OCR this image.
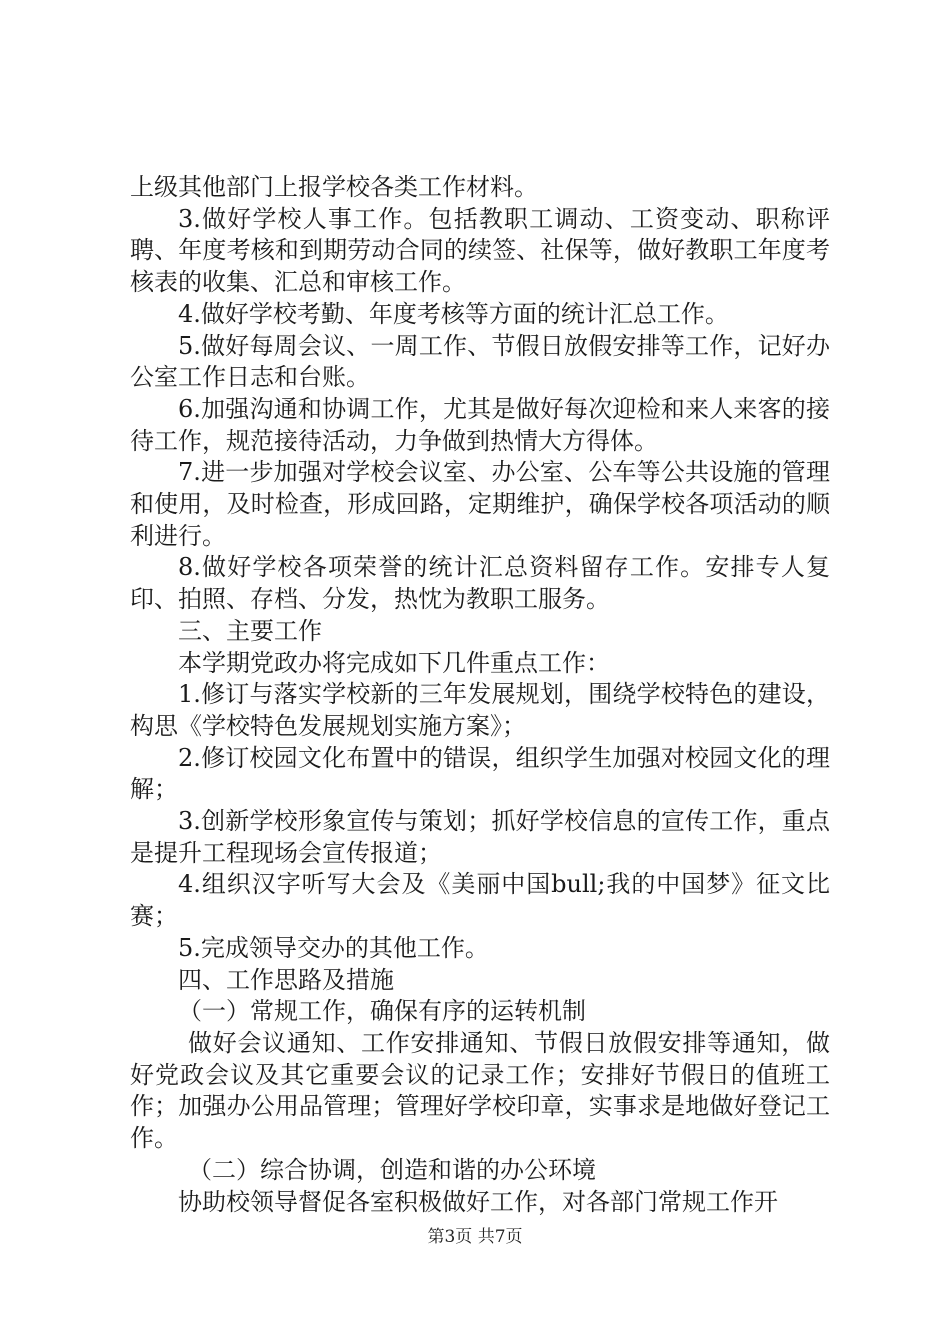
上级其他部门上报学校各类工作材料。

3.做好学校人事工作。包括教职工调动、工资变动、职称评聘、年度考核和到期劳动合同的续签、社保等，做好教职工年度考核表的收集、汇总和审核工作。

4.做好学校考勤、年度考核等方面的统计汇总工作。

5.做好每周会议、一周工作、节假日放假安排等工作，记好办公室工作日志和台账。

6.加强沟通和协调工作，尤其是做好每次迎检和来人来客的接待工作，规范接待活动，力争做到热情大方得体。

7.进一步加强对学校会议室、办公室、公车等公共设施的管理和使用，及时检查，形成回路，定期维护，确保学校各项活动的顺利进行。

8.做好学校各项荣誉的统计汇总资料留存工作。安排专人复印、拍照、存档、分发，热忱为教职工服务。

三、主要工作

本学期党政办将完成如下几件重点工作：

1.修订与落实学校新的三年发展规划，围绕学校特色的建设，构思《学校特色发展规划实施方案》；

2.修订校园文化布置中的错误，组织学生加强对校园文化的理解；

3.创新学校形象宣传与策划；抓好学校信息的宣传工作，重点是提升工程现场会宣传报道；

4.组织汉字听写大会及《美丽中国bull;我的中国梦》征文比赛；

5.完成领导交办的其他工作。

四、工作思路及措施

（一）常规工作，确保有序的运转机制

做好会议通知、工作安排通知、节假日放假安排等通知，做好党政会议及其它重要会议的记录工作；安排好节假日的值班工作；加强办公用品管理；管理好学校印章，实事求是地做好登记工作。

（二）综合协调，创造和谐的办公环境

协助校领导督促各室积极做好工作，对各部门常规工作开

第3页 共7页
